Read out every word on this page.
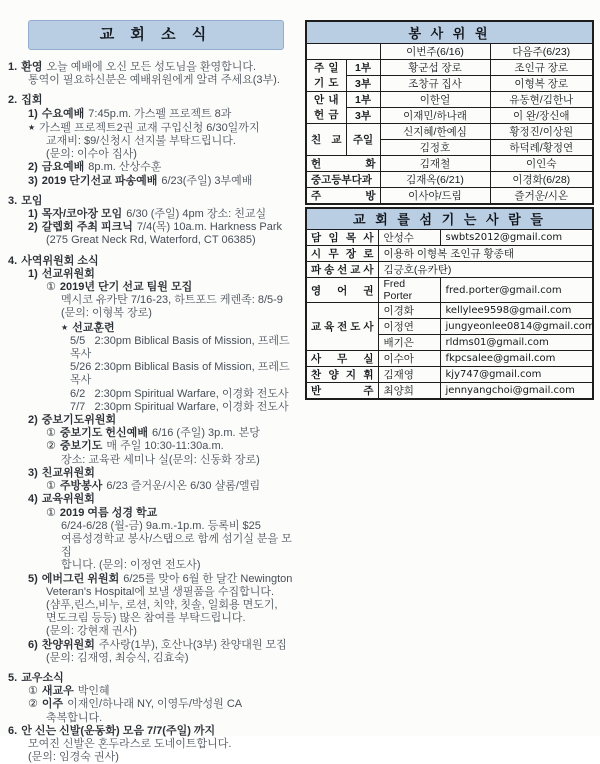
교 회 소 식
1. 환영 오늘 예배에 오신 모든 성도님을 환영합니다.
통역이 필요하신분은 예배위원에게 알려 주세요(3부).
2. 집회
1) 수요예배 7:45p.m. 가스펠 프로젝트 8과
★ 가스펠 프로젝트2권 교재 구입신청 6/30일까지
교재비: $9/신청시 선지불 부탁드립니다.
(문의: 이수아 집사)
2) 금요예배 8p.m. 산상수훈
3) 2019 단기선교 파송예배 6/23(주일) 3부예배
3. 모임
1) 목자/코아장 모임 6/30 (주일) 4pm 장소: 친교실
2) 갈렙회 주최 피크닉 7/4(목) 10a.m. Harkness Park
(275 Great Neck Rd, Waterford, CT 06385)
4. 사역위원회 소식
1) 선교위원회
① 2019년 단기 선교 팀원 모집
멕시코 유카탄 7/16-23, 하트포드 케렌족: 8/5-9
(문의: 이형복 장로)
★ 선교훈련
5/5   2:30pm Biblical Basis of Mission, 프레드 목사
5/26 2:30pm Biblical Basis of Mission, 프레드 목사
6/2   2:30pm Spiritual Warfare, 이경화 전도사
7/7   2:30pm Spiritual Warfare, 이경화 전도사
2) 중보기도위원회
① 중보기도 헌신예배 6/16 (주일) 3p.m. 본당
② 중보기도 매 주일 10:30-11:30a.m.
장소: 교육관 세미나 실(문의: 신동화 장로)
3) 친교위원회
① 주방봉사 6/23 즐거운/시온 6/30 샬롬/엘림
4) 교육위원회
① 2019 여름 성경 학교
6/24-6/28 (월-금) 9a.m.-1p.m. 등록비 $25
여름성경학교 봉사/스탭으로 함께 섬기실 분을 모집
합니다. (문의: 이정연 전도사)
5) 에버그린 위원회 6/25를 맞아 6월 한 달간 Newington
Veteran's Hospital에 보낼 생필품을 수집합니다.
(샴푸,린스,비누, 로션, 치약, 칫솔, 일회용 면도기,
면도크림 등등) 많은 참여를 부탁드립니다.
(문의: 강현재 권사)
6) 찬양위원회 주사랑(1부), 호산나(3부) 찬양대원 모집
(문의: 김재영, 최승식, 김효숙)
5. 교우소식
① 새교우 박인혜
② 이주 이재인/하나래 NY, 이영두/박성원 CA
축복합니다.
6. 안 신는 신발(운동화) 모음 7/7(주일) 까지
모여진 신발은 혼두라스로 도네이트합니다.
(문의: 임경숙 권사)
봉 사 위 원			
		이번주(6/16)	다음주(6/23)

주 일
기 도	1부	황군섭 장로	조인규 장로
	3부	조창규 집사	이형복 장로

안 내
헌 금	1부	이한얼	유동현/김한나
	3부	이재민/하나래	이 완/장신애
친 교	주일	신지혜/한예심	황정진/이상원
		김정호	하덕례/황정연
헌 화		김재철	이인숙
중고등부다과		김재옥(6/21)	이경화(6/28)
주 방		이사야/드림	즐거운/시온
교 회 를 섬 기 는 사 람 들		
담 임 목 사	안성수	swbts2012@gmail.com
시 무 장 로	이용하 이형복 조인규 황종태	
파 송 선 교 사	김긍호(유카탄)	
영 어 권	Fred Porter	fred.porter@gmail.com
교 육 전 도 사	이경화	kellylee9598@gmail.com
	이정연	jungyeonlee0814@gmail.com
	배기은	rldms01@gmail.com
사 무 실	이수아	fkpcsalee@gmail.com
찬 양 지 휘	김재영	kjy747@gmail.com
반 주	최양희	jennyangchoi@gmail.com
